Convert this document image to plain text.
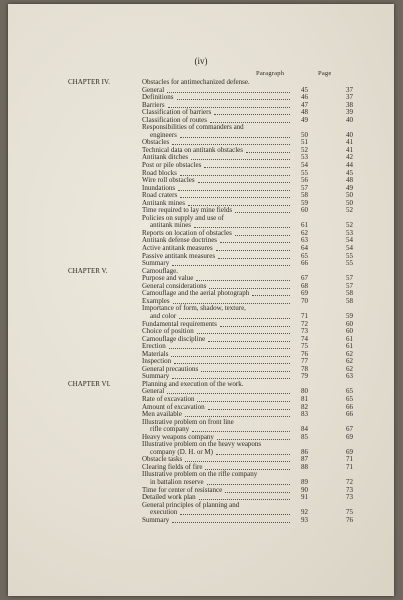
(iv)
Paragraph	Page
CHAPTER IV.	Obstacles for antimechanized defense.
General	45	37
Definitions	46	37
Barriers	47	38
Classification of barriers	48	39
Classification of routes	49	40
Responsibilities of commanders and
engineers	50	40
Obstacles	51	41
Technical data on antitank obstacles	52	41
Antitank ditches	53	42
Post or pile obstacles	54	44
Road blocks	55	45
Wire roll obstacles	56	48
Inundations	57	49
Road craters	58	50
Antitank mines	59	50
Time required to lay mine fields	60	52
Policies on supply and use of
antitank mines	61	52
Reports on location of obstacles	62	53
Antitank defense doctrines	63	54
Active antitank measures	64	54
Passive antitank measures	65	55
Summary	66	55
CHAPTER V.	Camouflage.
Purpose and value	67	57
General considerations	68	57
Camouflage and the aerial photograph	69	58
Examples	70	58
Importance of form, shadow, texture,
and color	71	59
Fundamental requirements	72	60
Choice of position	73	60
Camouflage discipline	74	61
Erection	75	61
Materials	76	62
Inspection	77	62
General precautions	78	62
Summary	79	63
CHAPTER VI.	Planning and execution of the work.
General	80	65
Rate of excavation	81	65
Amount of excavation	82	66
Men available	83	66
Illustrative problem on front line
rifle company	84	67
Heavy weapons company	85	69
Illustrative problem on the heavy weapons
company (D. H. or M)	86	69
Obstacle tasks	87	71
Clearing fields of fire	88	71
Illustrative problem on the rifle company
in battalion reserve	89	72
Time for center of resistance	90	73
Detailed work plan	91	73
General principles of planning and
execution	92	75
Summary	93	76
